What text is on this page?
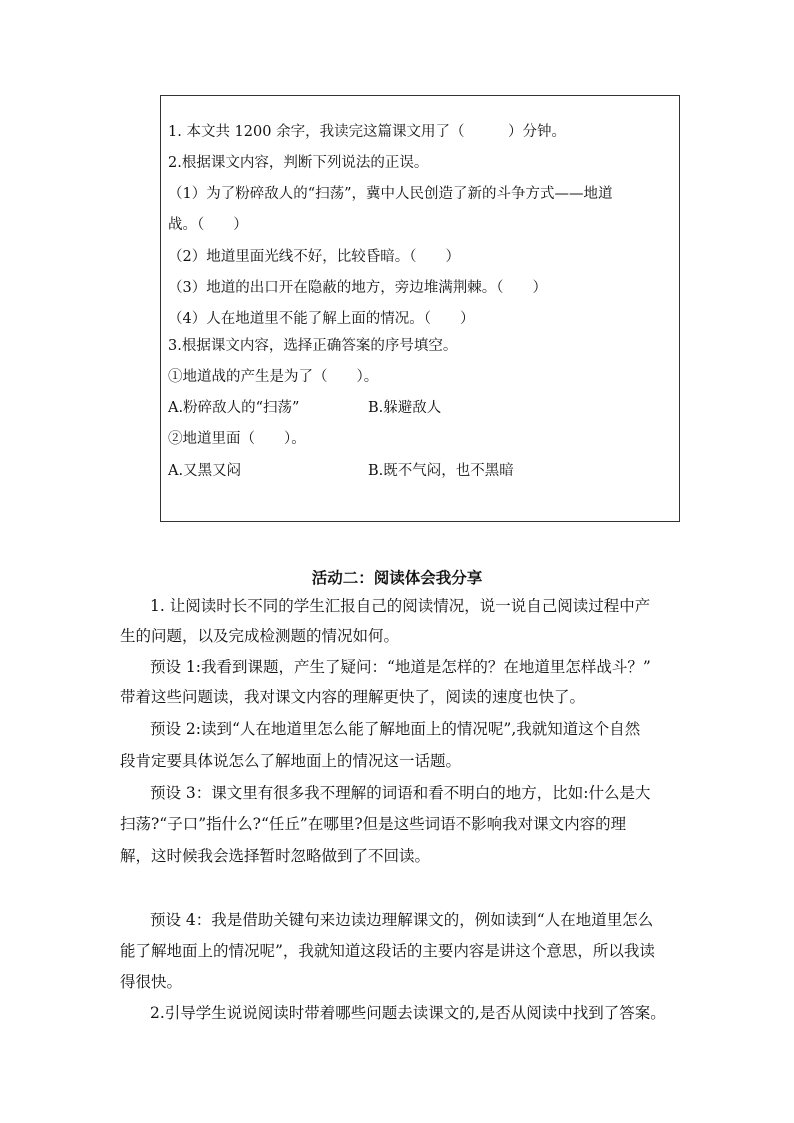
1. 本文共 1200 余字，我读完这篇课文用了（　　　）分钟。
2.根据课文内容，判断下列说法的正误。
（1）为了粉碎敌人的“扫荡”，冀中人民创造了新的斗争方式——地道
战。（　　）
（2）地道里面光线不好，比较昏暗。（　　）
（3）地道的出口开在隐蔽的地方，旁边堆满荆棘。（　　）
（4）人在地道里不能了解上面的情况。（　　）
3.根据课文内容，选择正确答案的序号填空。
①地道战的产生是为了（　　）。
A.粉碎敌人的“扫荡”	B.躲避敌人
②地道里面（　　）。
A.又黑又闷	B.既不气闷，也不黑暗
活动二：阅读体会我分享
1. 让阅读时长不同的学生汇报自己的阅读情况，说一说自己阅读过程中产
生的问题，以及完成检测题的情况如何。
预设 1:我看到课题，产生了疑问：“地道是怎样的？在地道里怎样战斗？”
带着这些问题读，我对课文内容的理解更快了，阅读的速度也快了。
预设 2:读到“人在地道里怎么能了解地面上的情况呢”,我就知道这个自然
段肯定要具体说怎么了解地面上的情况这一话题。
预设 3：课文里有很多我不理解的词语和看不明白的地方，比如:什么是大
扫荡?“子口”指什么?“任丘”在哪里?但是这些词语不影响我对课文内容的理
解，这时候我会选择暂时忽略做到了不回读。
预设 4：我是借助关键句来边读边理解课文的，例如读到“人在地道里怎么
能了解地面上的情况呢”，我就知道这段话的主要内容是讲这个意思，所以我读
得很快。
2.引导学生说说阅读时带着哪些问题去读课文的,是否从阅读中找到了答案。
